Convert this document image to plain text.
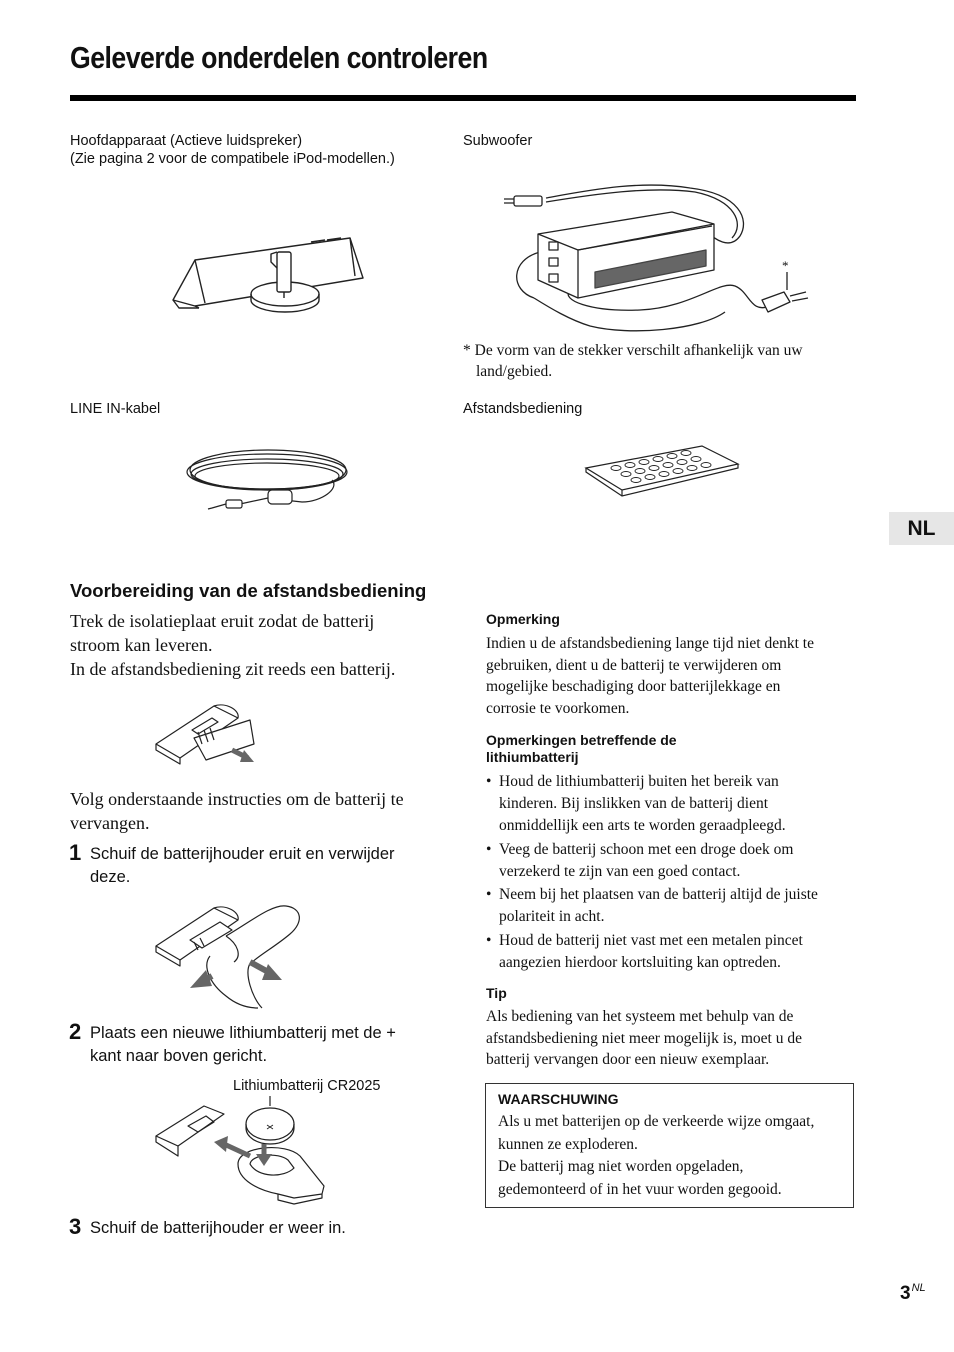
Geleverde onderdelen controleren
NL
Hoofdapparaat (Actieve luidspreker)
(Zie pagina 2 voor de compatibele iPod-modellen.)
Subwoofer
*
* De vorm van de stekker verschilt afhankelijk van uw
land/gebied.
LINE IN-kabel	Afstandsbediening
Voorbereiding van de afstandsbediening
Trek de isolatieplaat eruit zodat de batterij
stroom kan leveren.
In de afstandsbediening zit reeds een batterij.
Volg onderstaande instructies om de batterij te
vervangen.
1 Schuif de batterijhouder eruit en verwijder
deze.
2 Plaats een nieuwe lithiumbatterij met de +
kant naar boven gericht.
Lithiumbatterij CR2025
3 Schuif de batterijhouder er weer in.
Opmerking
Indien u de afstandsbediening lange tijd niet denkt te
gebruiken, dient u de batterij te verwijderen om
mogelijke beschadiging door batterijlekkage en
corrosie te voorkomen.
Opmerkingen betreffende de
lithiumbatterij
• Houd de lithiumbatterij buiten het bereik van
kinderen. Bij inslikken van de batterij dient
onmiddellijk een arts te worden geraadpleegd.
• Veeg de batterij schoon met een droge doek om
verzekerd te zijn van een goed contact.
• Neem bij het plaatsen van de batterij altijd de juiste
polariteit in acht.
• Houd de batterij niet vast met een metalen pincet
aangezien hierdoor kortsluiting kan optreden.
Tip
Als bediening van het systeem met behulp van de
afstandsbediening niet meer mogelijk is, moet u de
batterij vervangen door een nieuw exemplaar.
WAARSCHUWING
Als u met batterijen op de verkeerde wijze omgaat,
kunnen ze exploderen.
De batterij mag niet worden opgeladen,
gedemonteerd of in het vuur worden gegooid.
$3^{NL}$
